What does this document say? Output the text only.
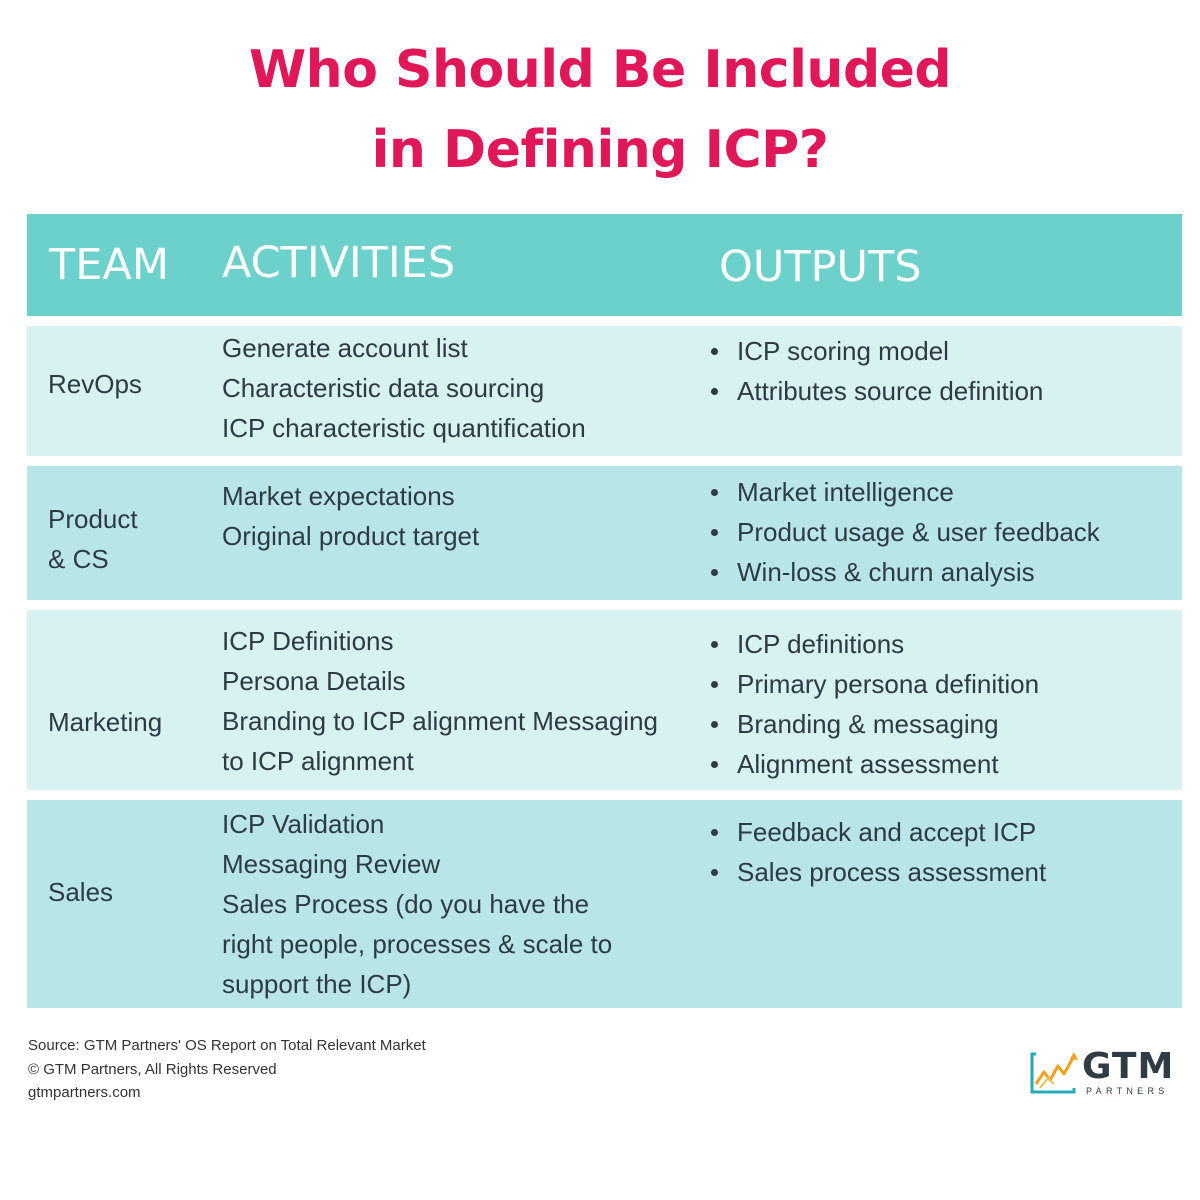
Who Should Be Included
in Defining ICP?
TEAM ACTIVITIES	OUTPUTS
RevOps
Generate account list
Characteristic data sourcing
ICP characteristic quantification
ICP scoring model
Attributes source definition
Product
& CS
Market expectations
Original product target
Market intelligence
Product usage & user feedback
Win-loss & churn analysis
Marketing
ICP Definitions
Persona Details
Branding to ICP alignment Messaging
to ICP alignment
ICP definitions
Primary persona definition
Branding & messaging
Alignment assessment
Sales
ICP Validation
Messaging Review
Sales Process (do you have the
right people, processes & scale to
support the ICP)
Feedback and accept ICP
Sales process assessment
Source: GTM Partners' OS Report on Total Relevant Market
© GTM Partners, All Rights Reserved
gtmpartners.com
GTM
PARTNERS
